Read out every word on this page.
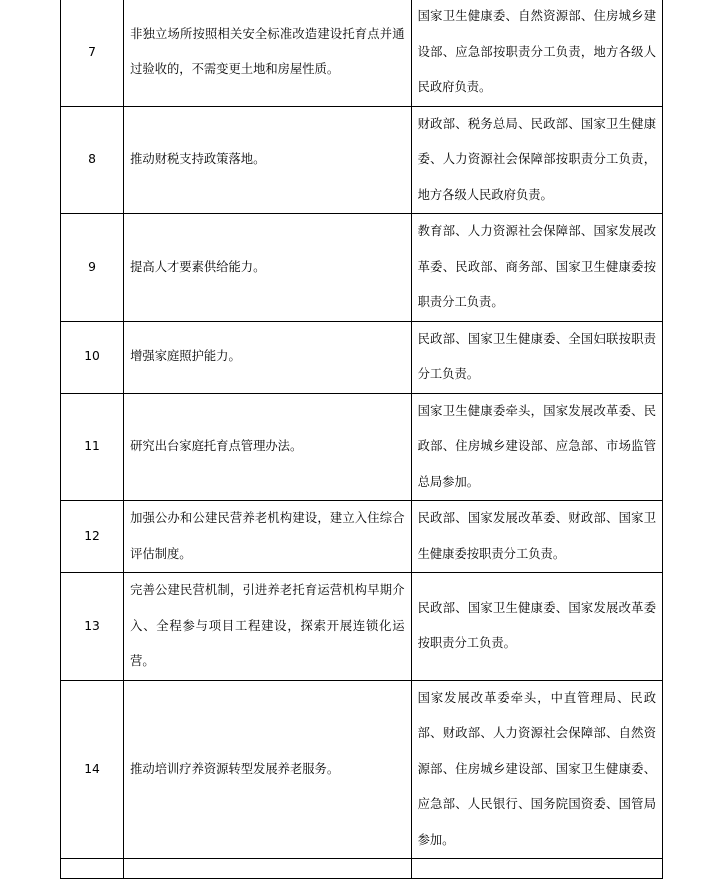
7	非独立场所按照相关安全标准改造建设托育点并通过验收的，不需变更土地和房屋性质。	国家卫生健康委、自然资源部、住房城乡建设部、应急部按职责分工负责，地方各级人民政府负责。
8	推动财税支持政策落地。	财政部、税务总局、民政部、国家卫生健康委、人力资源社会保障部按职责分工负责，地方各级人民政府负责。
9	提高人才要素供给能力。	教育部、人力资源社会保障部、国家发展改革委、民政部、商务部、国家卫生健康委按职责分工负责。
10	增强家庭照护能力。	民政部、国家卫生健康委、全国妇联按职责分工负责。
11	研究出台家庭托育点管理办法。	国家卫生健康委牵头，国家发展改革委、民政部、住房城乡建设部、应急部、市场监管总局参加。
12	加强公办和公建民营养老机构建设，建立入住综合评估制度。	民政部、国家发展改革委、财政部、国家卫生健康委按职责分工负责。
13	完善公建民营机制，引进养老托育运营机构早期介入、全程参与项目工程建设，探索开展连锁化运营。	民政部、国家卫生健康委、国家发展改革委按职责分工负责。
14	推动培训疗养资源转型发展养老服务。	国家发展改革委牵头，中直管理局、民政部、财政部、人力资源社会保障部、自然资源部、住房城乡建设部、国家卫生健康委、应急部、人民银行、国务院国资委、国管局参加。
